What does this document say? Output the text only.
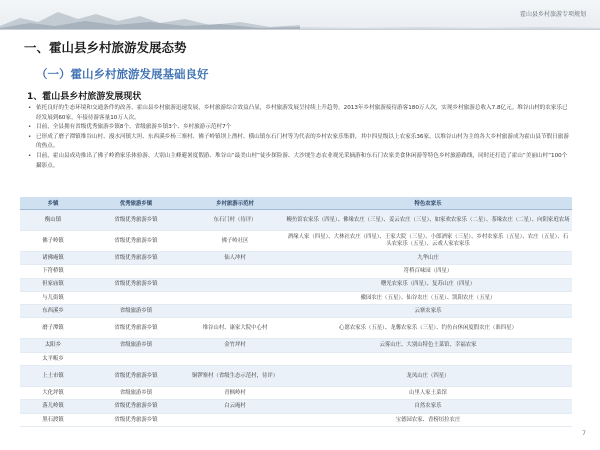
霍山县乡村旅游专项规划
一、霍山县乡村旅游发展态势
（一）霍山乡村旅游发展基础良好
1、霍山县乡村旅游发展现状
• 依托良好的生态环境和交通条件的改善，霍山县乡村旅游迅速发展，乡村旅游综合效益凸显，乡村旅游发展呈持续上升趋势。2013年乡村旅游接待游客180万人次，实现乡村旅游总收入7.8亿元。堆谷山村的农家乐已经发展到60家，年接待游客量10万人次。
• 目前，全县拥有省级优秀旅游乡镇8个、省级旅游乡镇3个、乡村旅游示范村7个
• 已形成了磨子潭镇堆谷山村、漫水河镇大坦、东西溪乡杨三寨村、佛子岭镇坝上渔村、横山镇东石门村等为代表的乡村农家乐集群，其中四星级以上农家乐36家，以堆谷山村为主的各大乡村旅游成为霍山县节假日旅游的热点。
• 目前，霍山县成功推出了佛子岭渔家乐体验游、大别山主峰避暑度假游、堆谷山“最美山村”徒步探险游、大沙埂生态农业观光采摘游和东石门农家美食休闲游等特色乡村旅游路线，同时还打造了霍山“美丽山村”100个攝影点。
乡镇	优秀旅游乡镇	乡村旅游示范村	特色农家乐
衡山镇	省级优秀旅游乡镇	东石门村（待评）	鳗鱼馆农家乐（四星）、佛缘农庄（三星）、姜云农庄（三星）、如家欢农家乐（二星）、茶缘农庄（二星）、向阳家庭农场
佛子岭镇	省级优秀旅游乡镇	佛子岭社区	酒缘人家（四星）、大林社农庄（四星）、王家大院（三星）、小郎酒家（三星）、乡村农家乐（五星）、农庄（五星）、石头农家乐（五星）、云戏人家农家乐
诸佛庵镇	省级优秀旅游乡镇	仙人冲村	九华山庄
下符桥镇			符桥百味园（四星）
但家庙镇	省级优秀旅游乡镇		曙光农家乐（四星）、复苏山庄（四星）
与儿街镇			徽园农庄（五星）、仙谷农庄（五星）、凯阳农庄（五星）
东西溪乡	省级旅游乡镇		云寨农家乐
磨子潭镇	省级优秀旅游乡镇	堆谷山村、康家大院中心村	心愿农家乐（五星）、龙馨农家乐（三星）、钓鱼台休闲度假农庄（准四星）
太阳乡	省级旅游乡镇	金竹坪村	云雾山庄、大别山特色土菜馆、幸福农家
太平畈乡			
上土市镇	省级优秀旅游乡镇	铜锣寨村（省级生态示范村，待评）	龙凤山庄（四星）
大化坪镇	省级旅游乡镇	青枫岭村	山里人家土菜馆
落儿岭镇	省级优秀旅游乡镇	白云庵村	自然农家乐
黑石渡镇	省级优秀旅游乡镇		宝德园农家、香榜垣拉农庄
7
